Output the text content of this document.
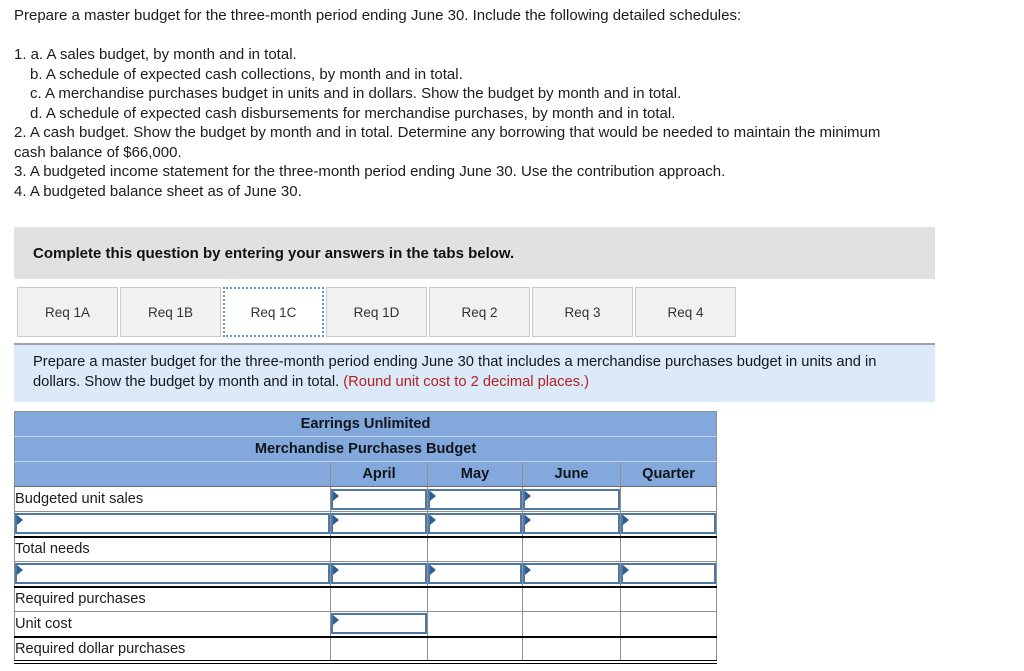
Prepare a master budget for the three-month period ending June 30. Include the following detailed schedules:
1. a. A sales budget, by month and in total.
b. A schedule of expected cash collections, by month and in total.
c. A merchandise purchases budget in units and in dollars. Show the budget by month and in total.
d. A schedule of expected cash disbursements for merchandise purchases, by month and in total.
2. A cash budget. Show the budget by month and in total. Determine any borrowing that would be needed to maintain the minimum
cash balance of $66,000.
3. A budgeted income statement for the three-month period ending June 30. Use the contribution approach.
4. A budgeted balance sheet as of June 30.
Complete this question by entering your answers in the tabs below.
Req 1A	Req 1B	Req 1C	Req 1D	Req 2	Req 3	Req 4
Prepare a master budget for the three-month period ending June 30 that includes a merchandise purchases budget in units and in dollars. Show the budget by month and in total. (Round unit cost to 2 decimal places.)
Earrings Unlimited				
Merchandise Purchases Budget				
	April	May	June	Quarter
Budgeted unit sales	

Total needs				

Required purchases				
Unit cost	

Required dollar purchases				
